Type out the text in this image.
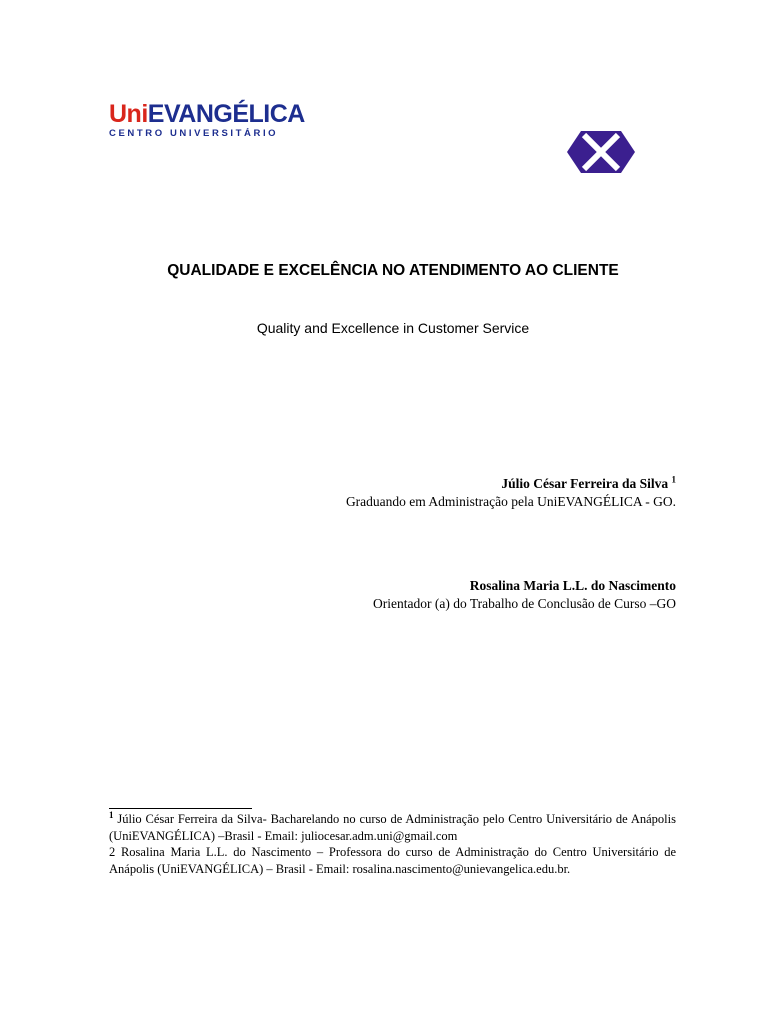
UniEVANGÉLICA
CENTRO UNIVERSITÁRIO
QUALIDADE E EXCELÊNCIA NO ATENDIMENTO AO CLIENTE
Quality and Excellence in Customer Service
Júlio César Ferreira da Silva $^1$
Graduando em Administração pela UniEVANGÉLICA - GO.
Rosalina Maria L.L. do Nascimento
Orientador (a) do Trabalho de Conclusão de Curso –GO

$^1$ Júlio César Ferreira da Silva- Bacharelando no curso de Administração pelo Centro Universitário de Anápolis (UniEVANGÉLICA) –Brasil - Email: juliocesar.adm.uni@gmail.com

2 Rosalina Maria L.L. do Nascimento – Professora do curso de Administração do Centro Universitário de Anápolis (UniEVANGÉLICA) – Brasil - Email: rosalina.nascimento@unievangelica.edu.br.
